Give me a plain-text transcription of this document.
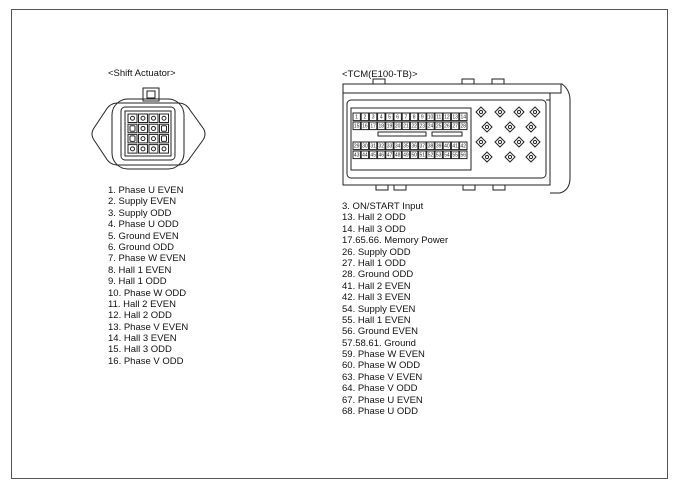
1 2 3 4 5 6 7 8 9 10 11 12 13 14
15 16 17 18 19 20 21 22 23 24 25 26 27 28
29 30 31 32 33 34 35 36 37 38 39 40 41 42
43 44 45 46 47 48 49 50 51 52 53 54 55 56
<Shift Actuator>	<TCM(E100-TB)>
1. Phase U EVEN
2. Supply EVEN
3. Supply ODD
4. Phase U ODD
5. Ground EVEN
6. Ground ODD
7. Phase W EVEN
8. Hall 1 EVEN
9. Hall 1 ODD
10. Phase W ODD
11. Hall 2 EVEN
12. Hall 2 ODD
13. Phase V EVEN
14. Hall 3 EVEN
15. Hall 3 ODD
16. Phase V ODD
3. ON/START Input
13. Hall 2 ODD
14. Hall 3 ODD
17.65.66. Memory Power
26. Supply ODD
27. Hall 1 ODD
28. Ground ODD
41. Hall 2 EVEN
42. Hall 3 EVEN
54. Supply EVEN
55. Hall 1 EVEN
56. Ground EVEN
57.58.61. Ground
59. Phase W EVEN
60. Phase W ODD
63. Phase V EVEN
64. Phase V ODD
67. Phase U EVEN
68. Phase U ODD
